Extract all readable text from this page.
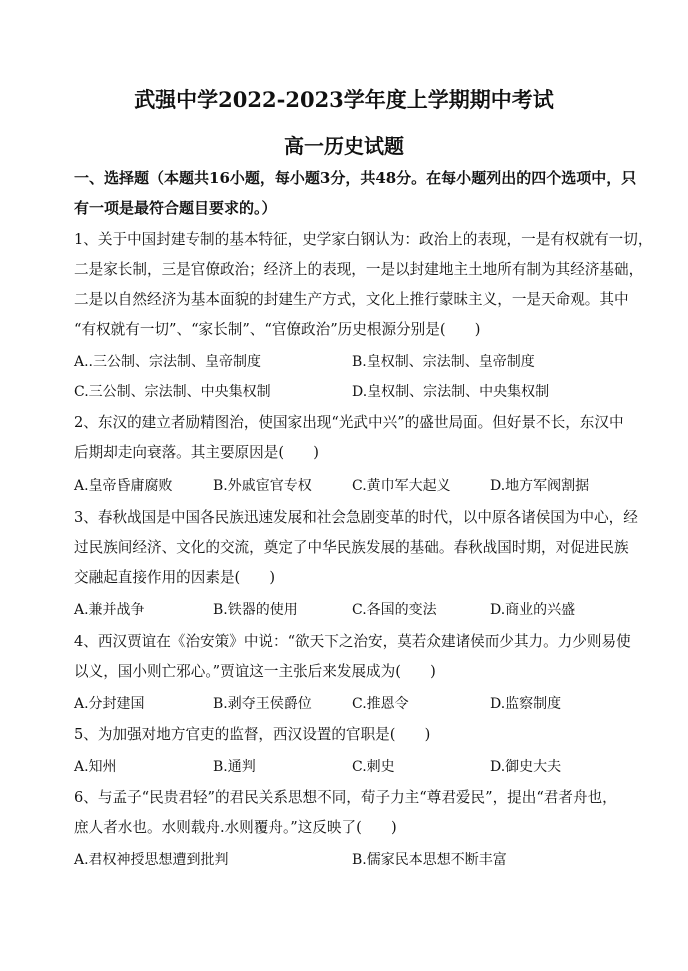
武强中学2022-2023学年度上学期期中考试
高一历史试题
一、选择题（本题共16小题，每小题3分，共48分。在每小题列出的四个选项中，只
有一项是最符合题目要求的。）
1、关于中国封建专制的基本特征，史学家白钢认为：政治上的表现，一是有权就有一切，
二是家长制，三是官僚政治；经济上的表现，一是以封建地主土地所有制为其经济基础，
二是以自然经济为基本面貌的封建生产方式，文化上推行蒙昧主义，一是天命观。其中
“有权就有一切”、“家长制”、“官僚政治”历史根源分别是(　　)
A..三公制、宗法制、皇帝制度	B.皇权制、宗法制、皇帝制度
C.三公制、宗法制、中央集权制	D.皇权制、宗法制、中央集权制
2、东汉的建立者励精图治，使国家出现“光武中兴”的盛世局面。但好景不长，东汉中
后期却走向衰落。其主要原因是(　　)
A.皇帝昏庸腐败	B.外戚宦官专权	C.黄巾军大起义	D.地方军阀割据
3、春秋战国是中国各民族迅速发展和社会急剧变革的时代，以中原各诸侯国为中心，经
过民族间经济、文化的交流，奠定了中华民族发展的基础。春秋战国时期，对促进民族
交融起直接作用的因素是(　　)
A.兼并战争	B.铁器的使用	C.各国的变法	D.商业的兴盛
4、西汉贾谊在《治安策》中说：“欲天下之治安，莫若众建诸侯而少其力。力少则易使
以义，国小则亡邪心。”贾谊这一主张后来发展成为(　　)
A.分封建国	B.剥夺王侯爵位	C.推恩令	D.监察制度
5、为加强对地方官吏的监督，西汉设置的官职是(　　)
A.知州	B.通判	C.刺史	D.御史大夫
6、与孟子“民贵君轻”的君民关系思想不同，荀子力主“尊君爱民”，提出“君者舟也，
庶人者水也。水则载舟.水则覆舟。”这反映了(　　)
A.君权神授思想遭到批判	B.儒家民本思想不断丰富
